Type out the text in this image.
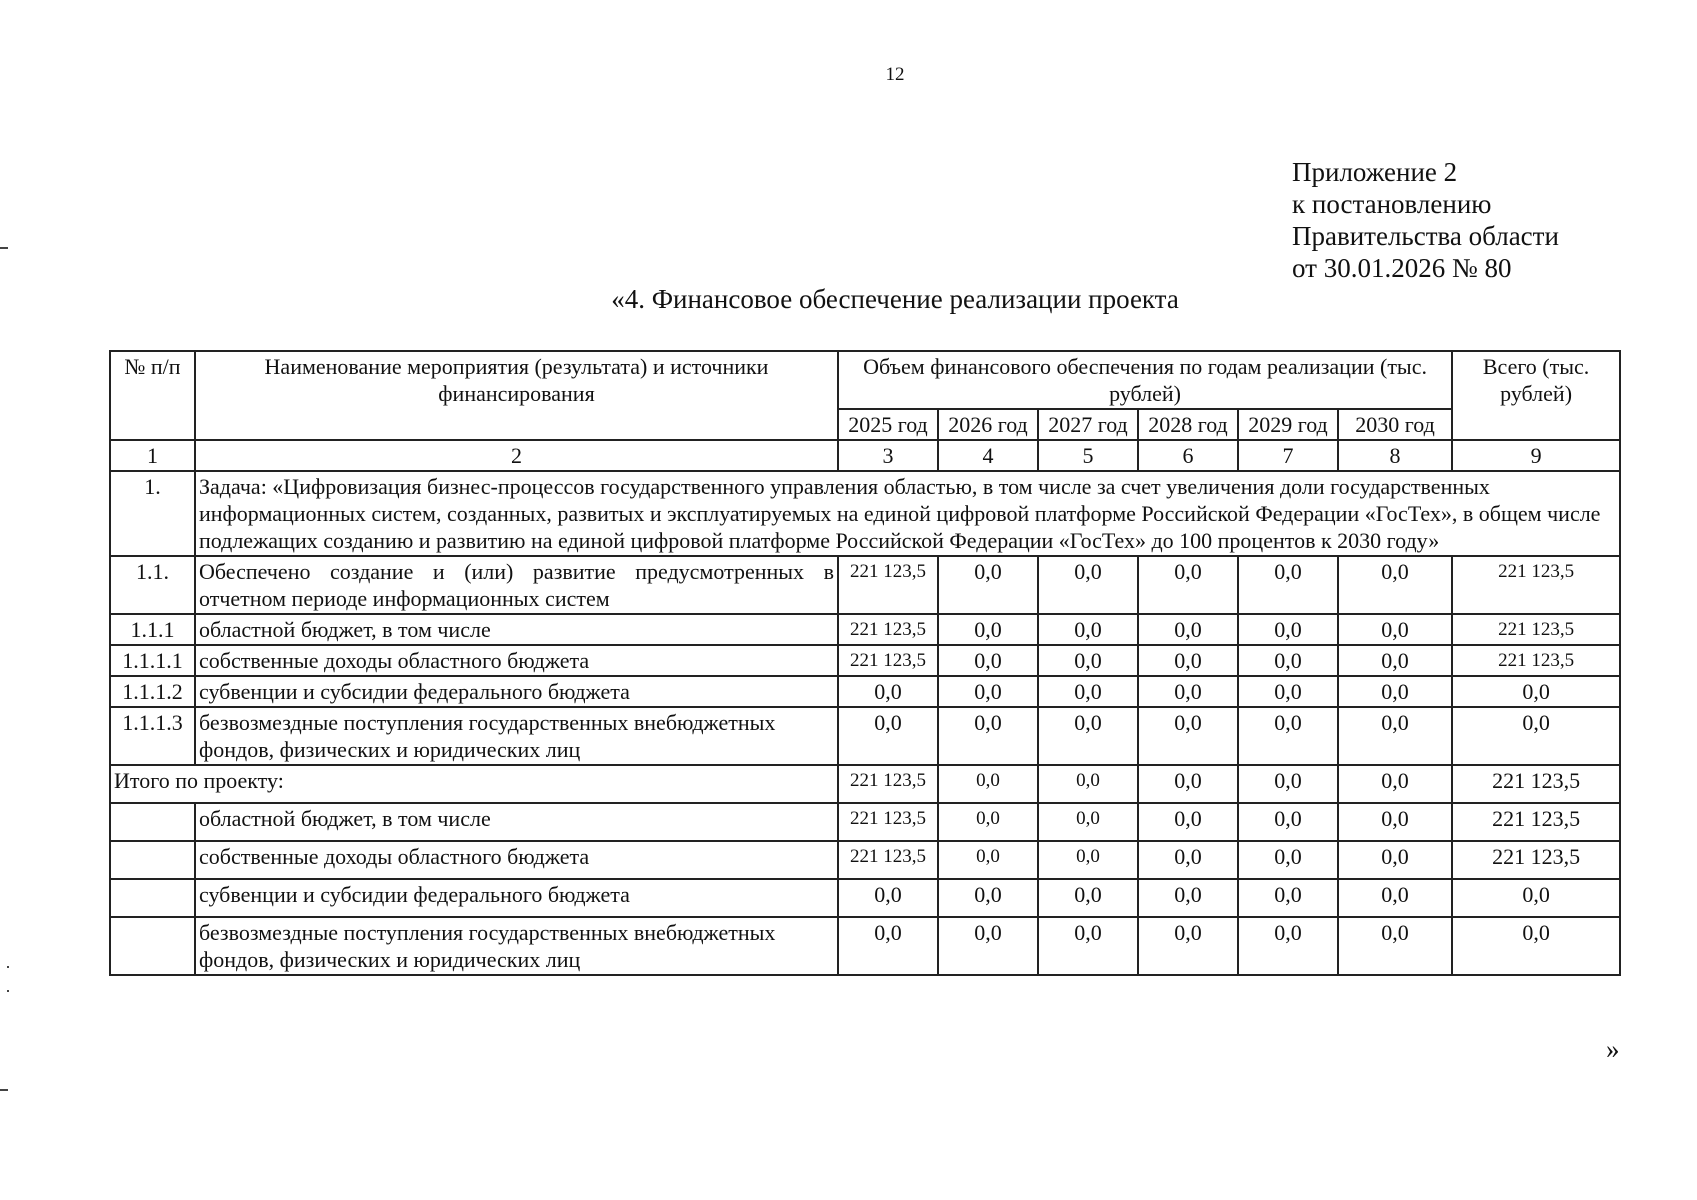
12
Приложение 2
к постановлению
Правительства области
от 30.01.2026 № 80
«4. Финансовое обеспечение реализации проекта
№ п/п	Наименование мероприятия (результата) и источники финансирования	Объем финансового обеспечения по годам реализации (тыс. рублей)						Всего (тыс. рублей)
		2025 год	2026 год	2027 год	2028 год	2029 год	2030 год	
1	2	3	4	5	6	7	8	9
1.	Задача: «Цифровизация бизнес-процессов государственного управления областью, в том числе за счет увеличения доли государственных информационных систем, созданных, развитых и эксплуатируемых на единой цифровой платформе Российской Федерации «ГосТех», в общем числе подлежащих созданию и развитию на единой цифровой платформе Российской Федерации «ГосТех» до 100 процентов к 2030 году»							
1.1.	Обеспечено создание и (или) развитие предусмотренных в отчетном периоде информационных систем	221 123,5	0,0	0,0	0,0	0,0	0,0	221 123,5
1.1.1	областной бюджет, в том числе	221 123,5	0,0	0,0	0,0	0,0	0,0	221 123,5
1.1.1.1	собственные доходы областного бюджета	221 123,5	0,0	0,0	0,0	0,0	0,0	221 123,5
1.1.1.2	субвенции и субсидии федерального бюджета	0,0	0,0	0,0	0,0	0,0	0,0	0,0
1.1.1.3	безвозмездные поступления государственных внебюджетных фондов, физических и юридических лиц	0,0	0,0	0,0	0,0	0,0	0,0	0,0
Итого по проекту:		221 123,5	0,0	0,0	0,0	0,0	0,0	221 123,5
	областной бюджет, в том числе	221 123,5	0,0	0,0	0,0	0,0	0,0	221 123,5
	собственные доходы областного бюджета	221 123,5	0,0	0,0	0,0	0,0	0,0	221 123,5
	субвенции и субсидии федерального бюджета	0,0	0,0	0,0	0,0	0,0	0,0	0,0
	безвозмездные поступления государственных внебюджетных фондов, физических и юридических лиц	0,0	0,0	0,0	0,0	0,0	0,0	0,0
»
